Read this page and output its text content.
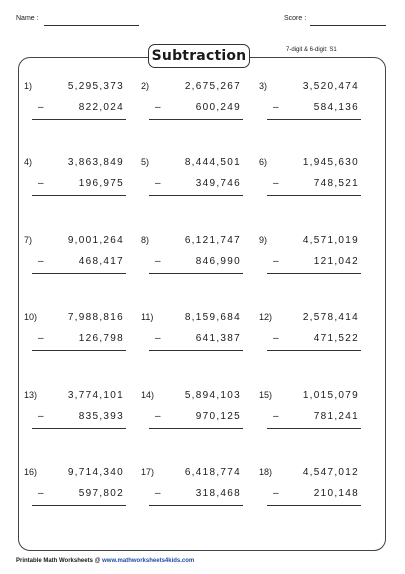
Name :	Score :
Subtraction	7-digit & 6-digit: S1
1)	5,295,373
–	822,024
2)	2,675,267
–	600,249
3)	3,520,474
–	584,136
4)	3,863,849
–	196,975
5)	8,444,501
–	349,746
6)	1,945,630
–	748,521
7)	9,001,264
–	468,417
8)	6,121,747
–	846,990
9)	4,571,019
–	121,042
10)	7,988,816
–	126,798
11)	8,159,684
–	641,387
12)	2,578,414
–	471,522
13)	3,774,101
–	835,393
14)	5,894,103
–	970,125
15)	1,015,079
–	781,241
16)	9,714,340
–	597,802
17)	6,418,774
–	318,468
18)	4,547,012
–	210,148
Printable Math Worksheets @ www.mathworksheets4kids.com
